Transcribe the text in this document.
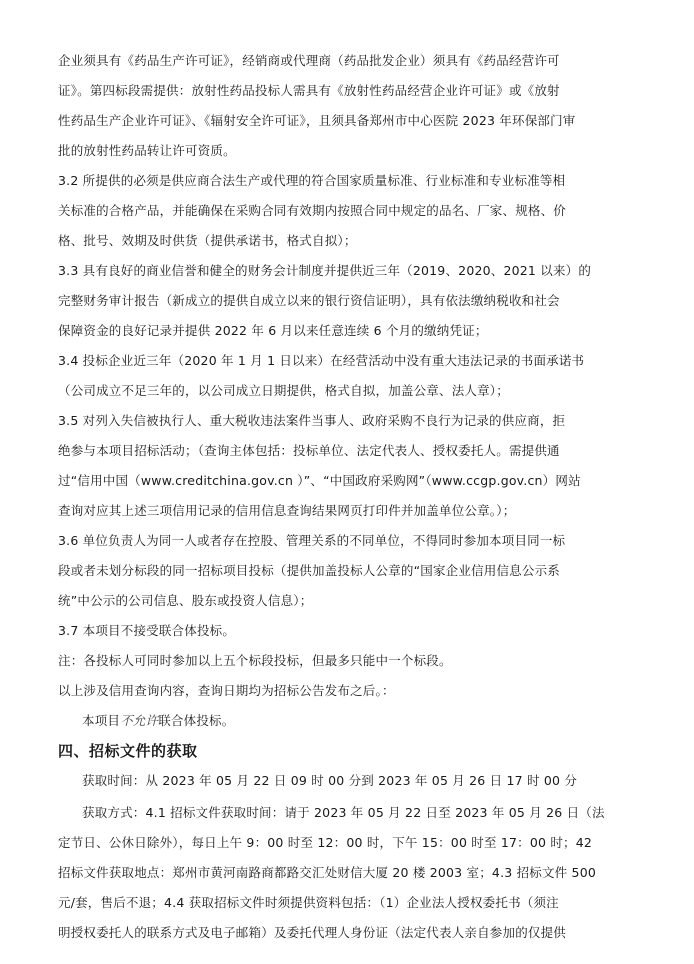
企业须具有《药品生产许可证》，经销商或代理商（药品批发企业）须具有《药品经营许可
证》。第四标段需提供：放射性药品投标人需具有《放射性药品经营企业许可证》或《放射
性药品生产企业许可证》、《辐射安全许可证》，且须具备郑州市中心医院 2023 年环保部门审
批的放射性药品转让许可资质。
3.2 所提供的必须是供应商合法生产或代理的符合国家质量标准、行业标准和专业标准等相
关标准的合格产品，并能确保在采购合同有效期内按照合同中规定的品名、厂家、规格、价
格、批号、效期及时供货（提供承诺书，格式自拟）；
3.3 具有良好的商业信誉和健全的财务会计制度并提供近三年（2019、2020、2021 以来）的
完整财务审计报告（新成立的提供自成立以来的银行资信证明），具有依法缴纳税收和社会
保障资金的良好记录并提供 2022 年 6 月以来任意连续 6 个月的缴纳凭证；
3.4 投标企业近三年（2020 年 1 月 1 日以来）在经营活动中没有重大违法记录的书面承诺书
（公司成立不足三年的，以公司成立日期提供，格式自拟，加盖公章、法人章）；
3.5 对列入失信被执行人、重大税收违法案件当事人、政府采购不良行为记录的供应商，拒
绝参与本项目招标活动；（查询主体包括：投标单位、法定代表人、授权委托人。需提供通
过“信用中国（www.creditchina.gov.cn ）”、“中国政府采购网”（www.ccgp.gov.cn）网站
查询对应其上述三项信用记录的信用信息查询结果网页打印件并加盖单位公章。）；
3.6 单位负责人为同一人或者存在控股、管理关系的不同单位，不得同时参加本项目同一标
段或者未划分标段的同一招标项目投标（提供加盖投标人公章的“国家企业信用信息公示系
统”中公示的公司信息、股东或投资人信息）；
3.7 本项目不接受联合体投标。
注：各投标人可同时参加以上五个标段投标，但最多只能中一个标段。
以上涉及信用查询内容，查询日期均为招标公告发布之后。：
本项目不允许联合体投标。
四、招标文件的获取
获取时间：从 2023 年 05 月 22 日 09 时 00 分到 2023 年 05 月 26 日 17 时 00 分
获取方式：4.1 招标文件获取时间：请于 2023 年 05 月 22 日至 2023 年 05 月 26 日（法
定节日、公休日除外），每日上午 9：00 时至 12：00 时，下午 15：00 时至 17：00 时；42
招标文件获取地点：郑州市黄河南路商都路交汇处财信大厦 20 楼 2003 室；4.3 招标文件 500
元/套，售后不退；4.4 获取招标文件时须提供资料包括：（1）企业法人授权委托书（须注
明授权委托人的联系方式及电子邮箱）及委托代理人身份证（法定代表人亲自参加的仅提供
